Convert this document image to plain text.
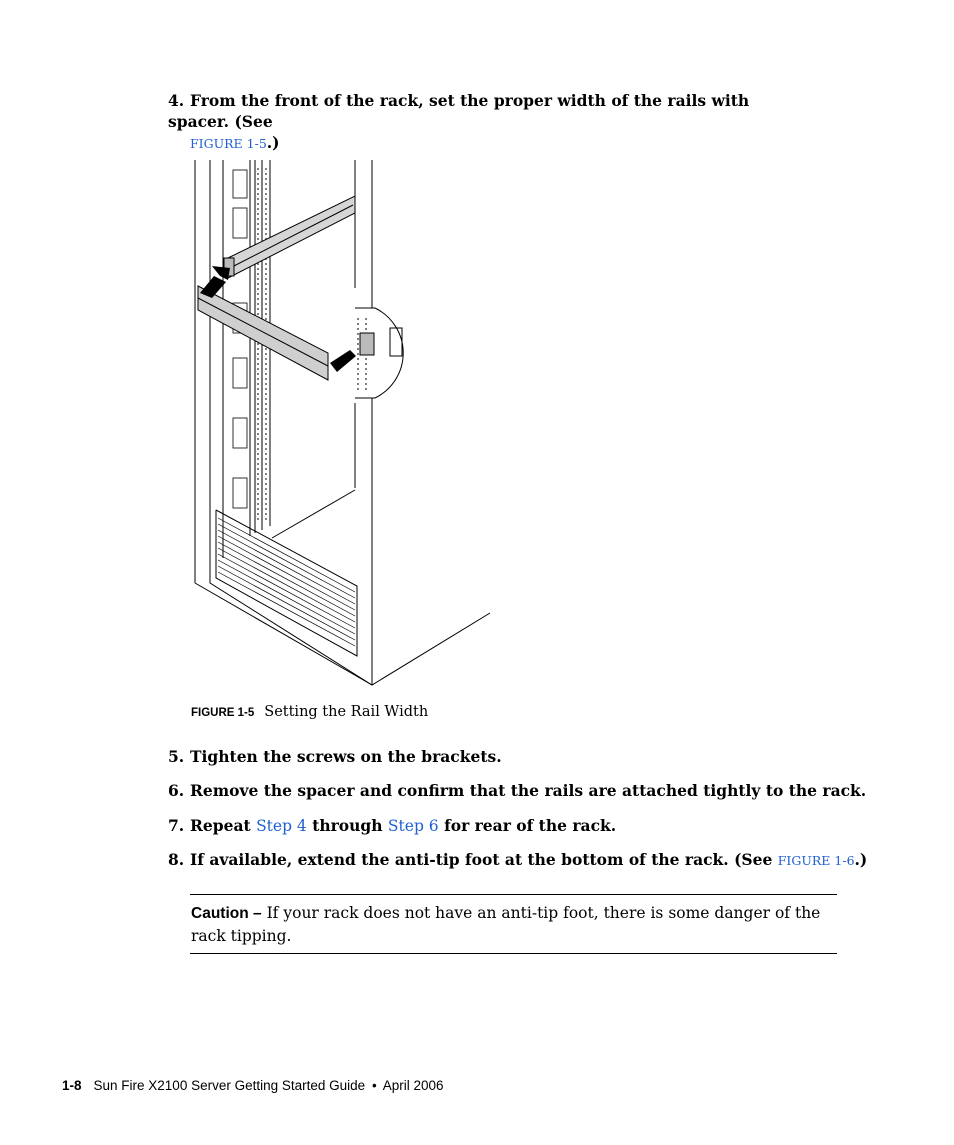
4. From the front of the rack, set the proper width of the rails with spacer. (See
FIGURE 1-5.)
FIGURE 1-5 Setting the Rail Width
5. Tighten the screws on the brackets.
6. Remove the spacer and confirm that the rails are attached tightly to the rack.
7. Repeat Step 4 through Step 6 for rear of the rack.
8. If available, extend the anti-tip foot at the bottom of the rack. (See FIGURE 1-6.)
Caution – If your rack does not have an anti-tip foot, there is some danger of the rack tipping.
1-8 Sun Fire X2100 Server Getting Started Guide • April 2006
